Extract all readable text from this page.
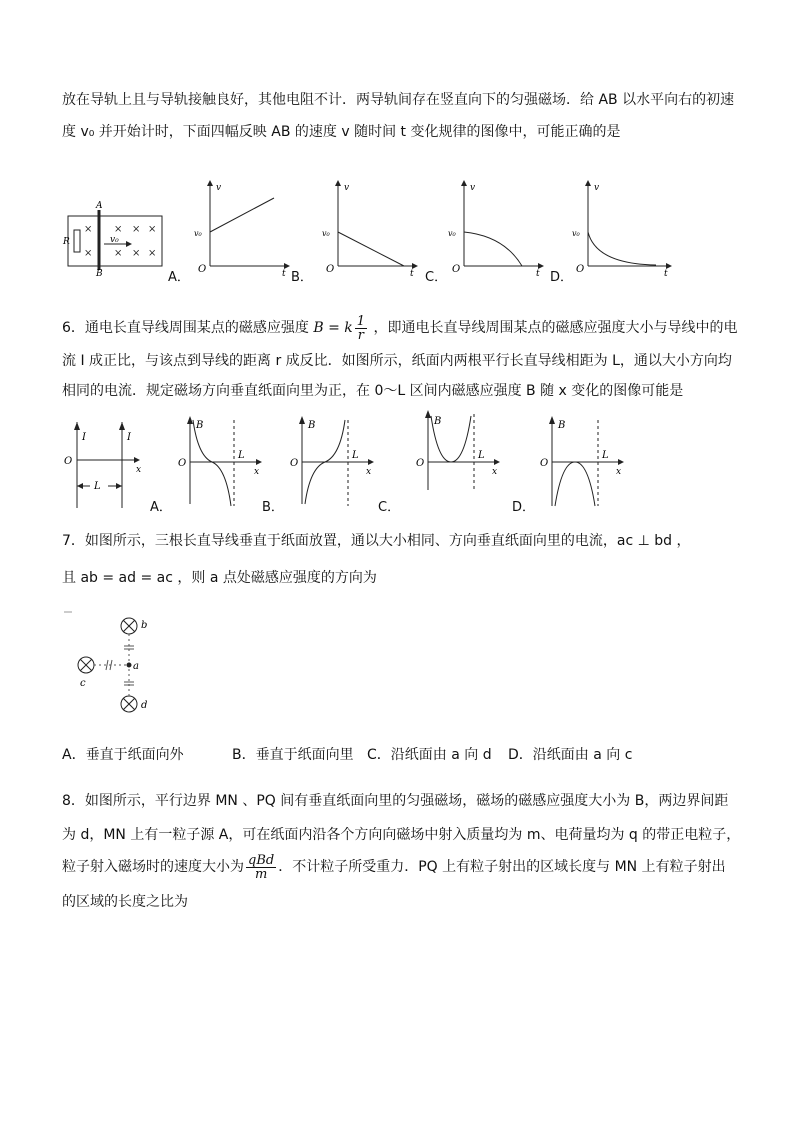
放在导轨上且与导轨接触良好，其他电阻不计．两导轨间存在竖直向下的匀强磁场．给 AB 以水平向右的初速
度 v₀ 并开始计时，下面四幅反映 AB 的速度 v 随时间 t 变化规律的图像中，可能正确的是
A
B
R
×
×
×
×
×
×
×
×
v₀
A．
v
O
v₀
t B．
v
O
v₀
t C．
v
O
v₀
t D．
v
O
v₀
t
6．通电长直导线周围某点的磁感应强度 B = k $\frac{1}{r}$ ，即通电长直导线周围某点的磁感应强度大小与导线中的电
流 I 成正比，与该点到导线的距离 r 成反比．如图所示，纸面内两根平行长直导线相距为 L，通以大小方向均
相同的电流．规定磁场方向垂直纸面向里为正，在 0～L 区间内磁感应强度 B 随 x 变化的图像可能是
I	I
O
x
L
A．
B
O
L
x
B．
B
O
L
x
C．
B
O
L
x
D．
B
O
L
x
7．如图所示，三根长直导线垂直于纸面放置，通以大小相同、方向垂直纸面向里的电流，ac ⊥ bd ，
且 ab = ad = ac ，则 a 点处磁感应强度的方向为
b
d
c
a
A．垂直于纸面向外	B．垂直于纸面向里 C．沿纸面由 a 向 d D．沿纸面由 a 向 c
8．如图所示，平行边界 MN 、PQ 间有垂直纸面向里的匀强磁场，磁场的磁感应强度大小为 B，两边界间距
为 d，MN 上有一粒子源 A，可在纸面内沿各个方向向磁场中射入质量均为 m、电荷量均为 q 的带正电粒子，
粒子射入磁场时的速度大小为 $\frac{\text{qBd}}{m}$ ．不计粒子所受重力．PQ 上有粒子射出的区域长度与 MN 上有粒子射出
的区域的长度之比为
